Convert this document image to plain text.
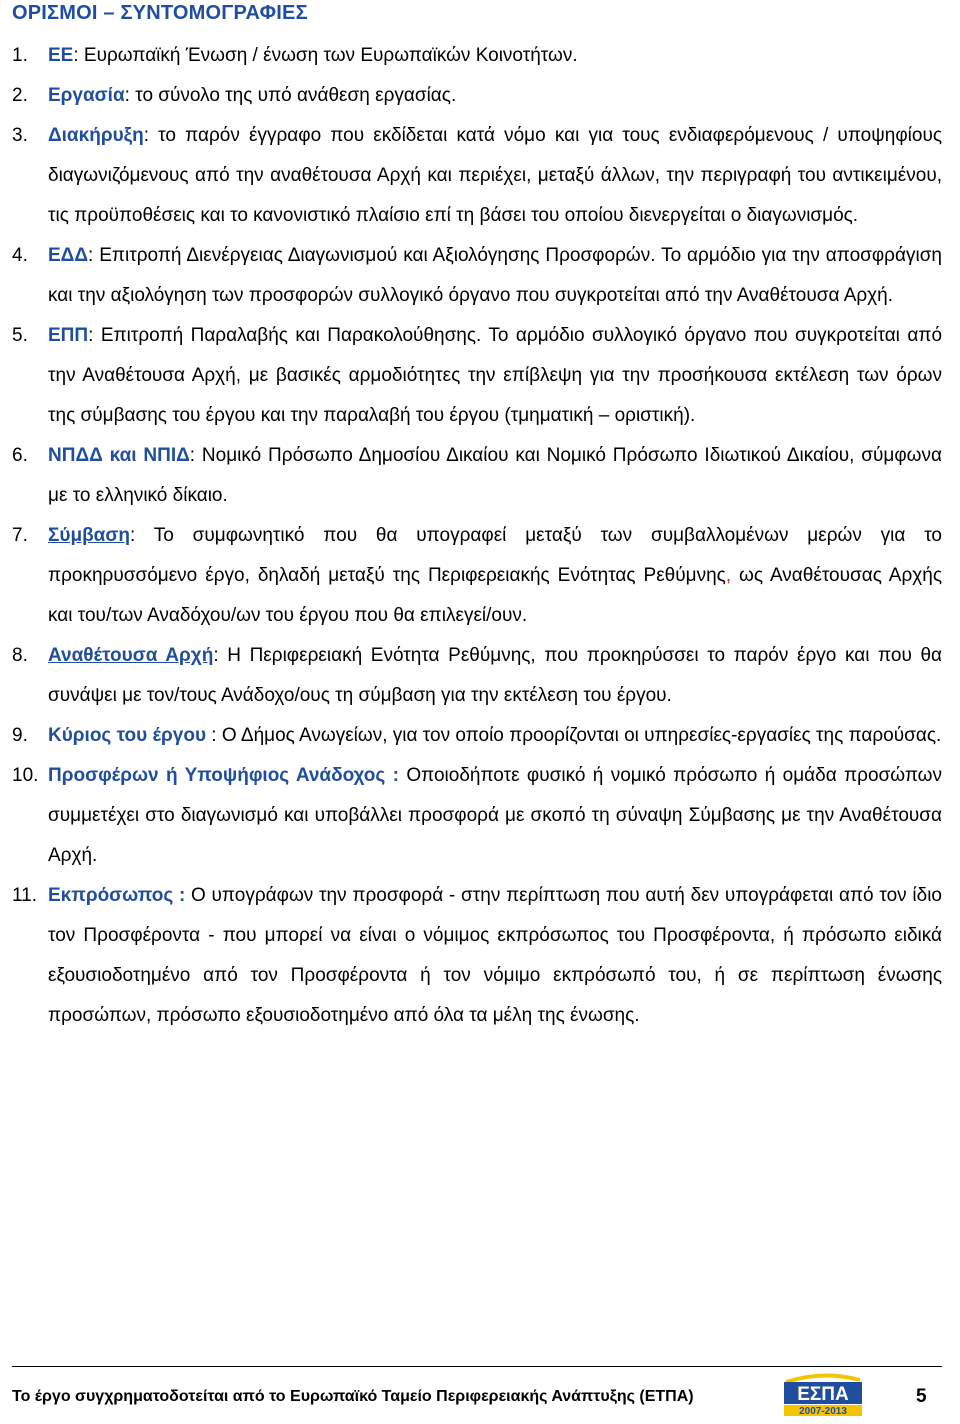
ΟΡΙΣΜΟΙ – ΣΥΝΤΟΜΟΓΡΑΦΙΕΣ
1. ΕΕ: Ευρωπαϊκή Ένωση / ένωση των Ευρωπαϊκών Κοινοτήτων.
2. Εργασία: το σύνολο της υπό ανάθεση εργασίας.
3. Διακήρυξη: το παρόν έγγραφο που εκδίδεται κατά νόμο και για τους ενδιαφερόμενους / υποψηφίους διαγωνιζόμενους από την αναθέτουσα Αρχή και περιέχει, μεταξύ άλλων, την περιγραφή του αντικειμένου, τις προϋποθέσεις και το κανονιστικό πλαίσιο επί τη βάσει του οποίου διενεργείται ο διαγωνισμός.
4. ΕΔΔ: Επιτροπή Διενέργειας Διαγωνισμού και Αξιολόγησης Προσφορών. Το αρμόδιο για την αποσφράγιση και την αξιολόγηση των προσφορών συλλογικό όργανο που συγκροτείται από την Αναθέτουσα Αρχή.
5. ΕΠΠ: Επιτροπή Παραλαβής και Παρακολούθησης. Το αρμόδιο συλλογικό όργανο που συγκροτείται από την Αναθέτουσα Αρχή, με βασικές αρμοδιότητες την επίβλεψη για την προσήκουσα εκτέλεση των όρων της σύμβασης του έργου και την παραλαβή του έργου (τμηματική – οριστική).
6. ΝΠΔΔ και ΝΠΙΔ: Νομικό Πρόσωπο Δημοσίου Δικαίου και Νομικό Πρόσωπο Ιδιωτικού Δικαίου, σύμφωνα με το ελληνικό δίκαιο.
7. Σύμβαση: Το συμφωνητικό που θα υπογραφεί μεταξύ των συμβαλλομένων μερών για το προκηρυσσόμενο έργο, δηλαδή μεταξύ της Περιφερειακής Ενότητας Ρεθύμνης, ως Αναθέτουσας Αρχής και του/των Αναδόχου/ων του έργου που θα επιλεγεί/ουν.
8. Αναθέτουσα Αρχή: Η Περιφερειακή Ενότητα Ρεθύμνης, που προκηρύσσει το παρόν έργο και που θα συνάψει με τον/τους Ανάδοχο/ους τη σύμβαση για την εκτέλεση του έργου.
9. Κύριος του έργου : Ο Δήμος Ανωγείων, για τον οποίο προορίζονται οι υπηρεσίες-εργασίες της παρούσας.
10. Προσφέρων ή Υποψήφιος Ανάδοχος : Οποιοδήποτε φυσικό ή νομικό πρόσωπο ή ομάδα προσώπων συμμετέχει στο διαγωνισμό και υποβάλλει προσφορά με σκοπό τη σύναψη Σύμβασης με την Αναθέτουσα Αρχή.
11. Εκπρόσωπος : Ο υπογράφων την προσφορά - στην περίπτωση που αυτή δεν υπογράφεται από τον ίδιο τον Προσφέροντα - που μπορεί να είναι ο νόμιμος εκπρόσωπος του Προσφέροντα, ή πρόσωπο ειδικά εξουσιοδοτημένο από τον Προσφέροντα ή τον νόμιμο εκπρόσωπό του, ή σε περίπτωση ένωσης προσώπων, πρόσωπο εξουσιοδοτημένο από όλα τα μέλη της ένωσης.
Το έργο συγχρηματοδοτείται από το Ευρωπαϊκό Ταμείο Περιφερειακής Ανάπτυξης (ΕΤΠΑ)	ΕΣΠΑ
2007-2013
5
